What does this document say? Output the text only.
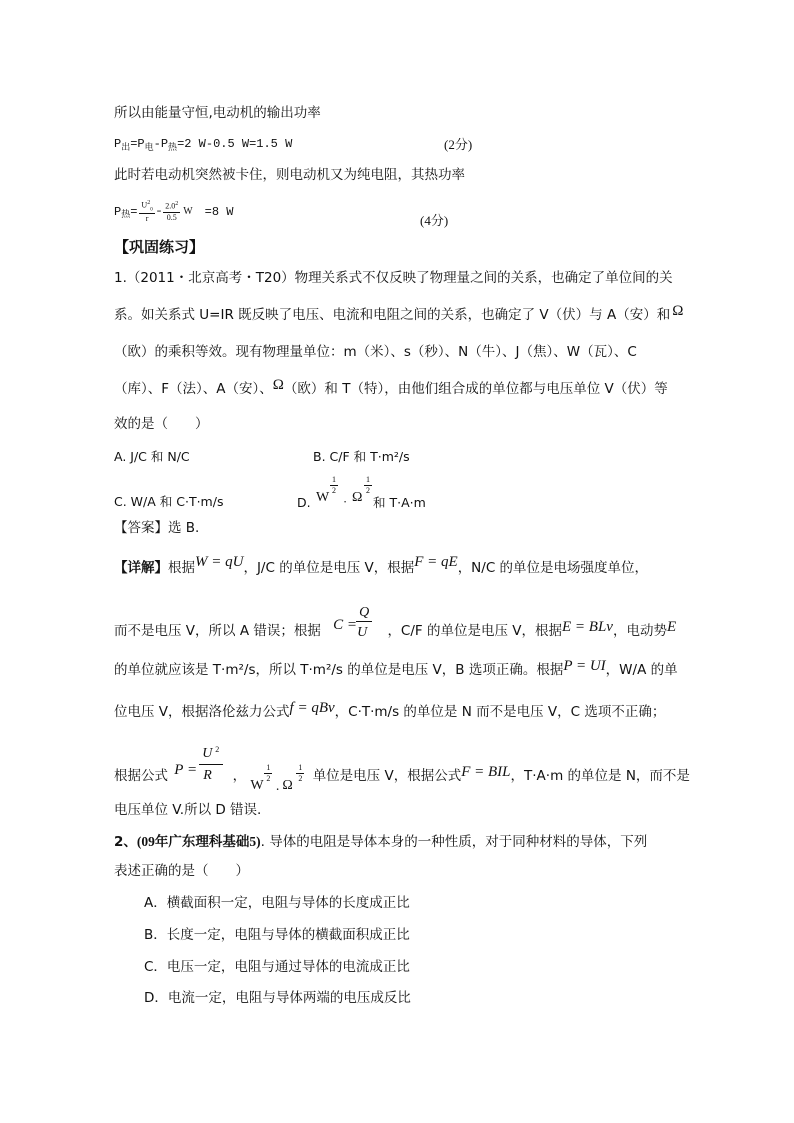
所以由能量守恒,电动机的输出功率
$P_出=P_电-P_热=2$ W-0.5 W=1.5 W	(2分)
此时若电动机突然被卡住，则电动机又为纯电阻，其热功率
P 热 = $\frac{U^2_0}{r} = \frac{2.0^2}{0.5}$ W =8 W
(4分)
【巩固练习】
1.（2011・北京高考・T20）物理关系式不仅反映了物理量之间的关系，也确定了单位间的关
系。如关系式 U=IR 既反映了电压、电流和电阻之间的关系，也确定了 V（伏）与 A（安）和 Ω
（欧）的乘积等效。现有物理量单位：m（米）、s（秒）、N（牛）、J（焦）、W（瓦）、C
（库）、F（法）、A（安）、Ω（欧）和 T（特），由他们组合成的单位都与电压单位 V（伏）等
效的是（　　）
A. J/C 和 N/C	B. C/F 和 T·m²/s
C. W/A 和 C·T·m/s	D. W
$\frac{1}{2}$
· Ω
$\frac{1}{2}$
和 T·A·m
【答案】选 B.
【详解】根据W = qU，J/C 的单位是电压 V，根据F = qE，N/C 的单位是电场强度单位，
而不是电压 V，所以 A 错误；根据 C =
Q
U ，C/F 的单位是电压 V，根据E = BLv，电动势E
的单位就应该是 T·m²/s，所以 T·m²/s 的单位是电压 V，B 选项正确。根据P = UI，W/A 的单
位电压 V，根据洛伦兹力公式f = qBv，C·T·m/s 的单位是 N 而不是电压 V，C 选项不正确；
根据公式 P =
U 2
R ，
W
$\frac{1}{2}$
· Ω
$\frac{1}{2}$ 单位是电压 V，根据公式F = BIL，T·A·m 的单位是 N，而不是
电压单位 V.所以 D 错误.
2、(09年广东理科基础5). 导体的电阻是导体本身的一种性质，对于同种材料的导体，下列
表述正确的是（　　）
A．横截面积一定，电阻与导体的长度成正比
B．长度一定，电阻与导体的横截面积成正比
C．电压一定，电阻与通过导体的电流成正比
D．电流一定，电阻与导体两端的电压成反比
